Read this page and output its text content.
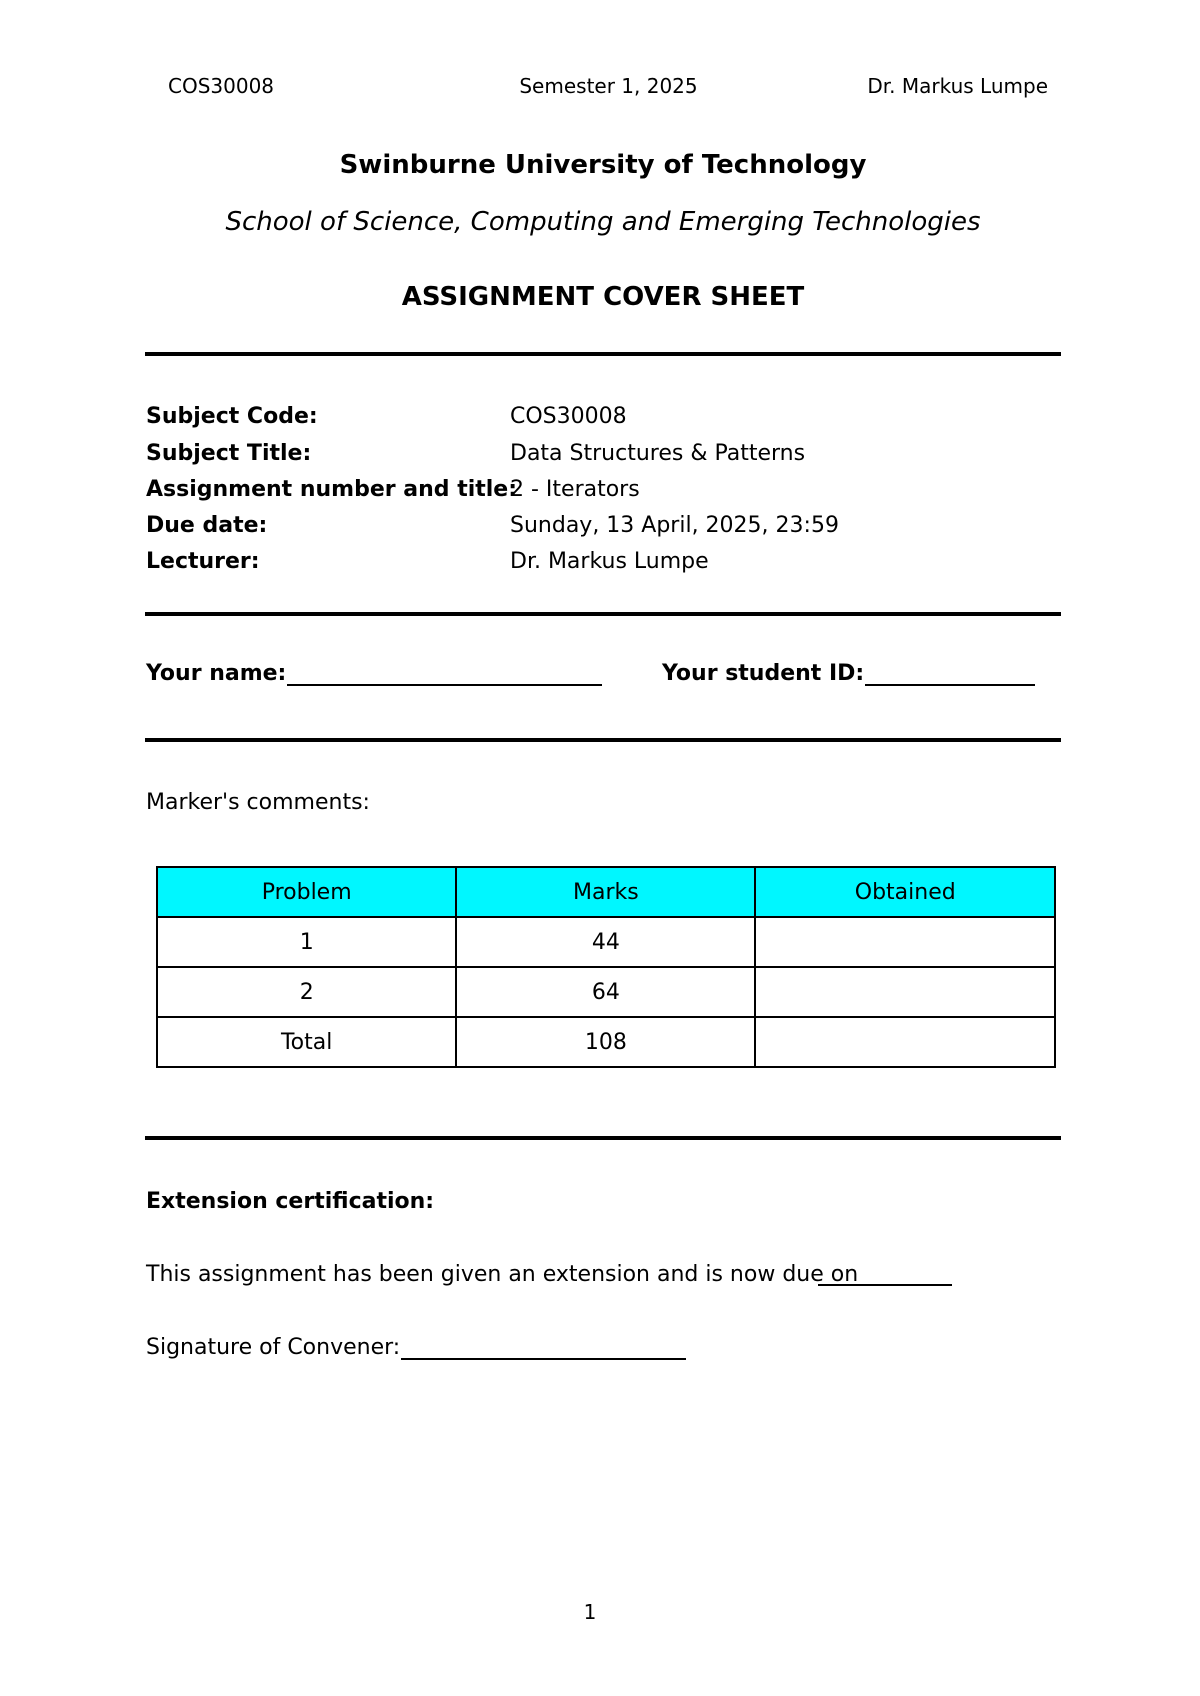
COS30008	Semester 1, 2025	Dr. Markus Lumpe
Swinburne University of Technology
School of Science, Computing and Emerging Technologies
ASSIGNMENT COVER SHEET
Subject Code:	COS30008
Subject Title:	Data Structures & Patterns
Assignment number and title:
2 - Iterators
Due date:	Sunday, 13 April, 2025, 23:59
Lecturer:	Dr. Markus Lumpe
Your name:	Your student ID:
Marker's comments:
Problem	Marks	Obtained
1	44	
2	64	
Total	108	
Extension certification:
This assignment has been given an extension and is now due on
Signature of Convener:
1
